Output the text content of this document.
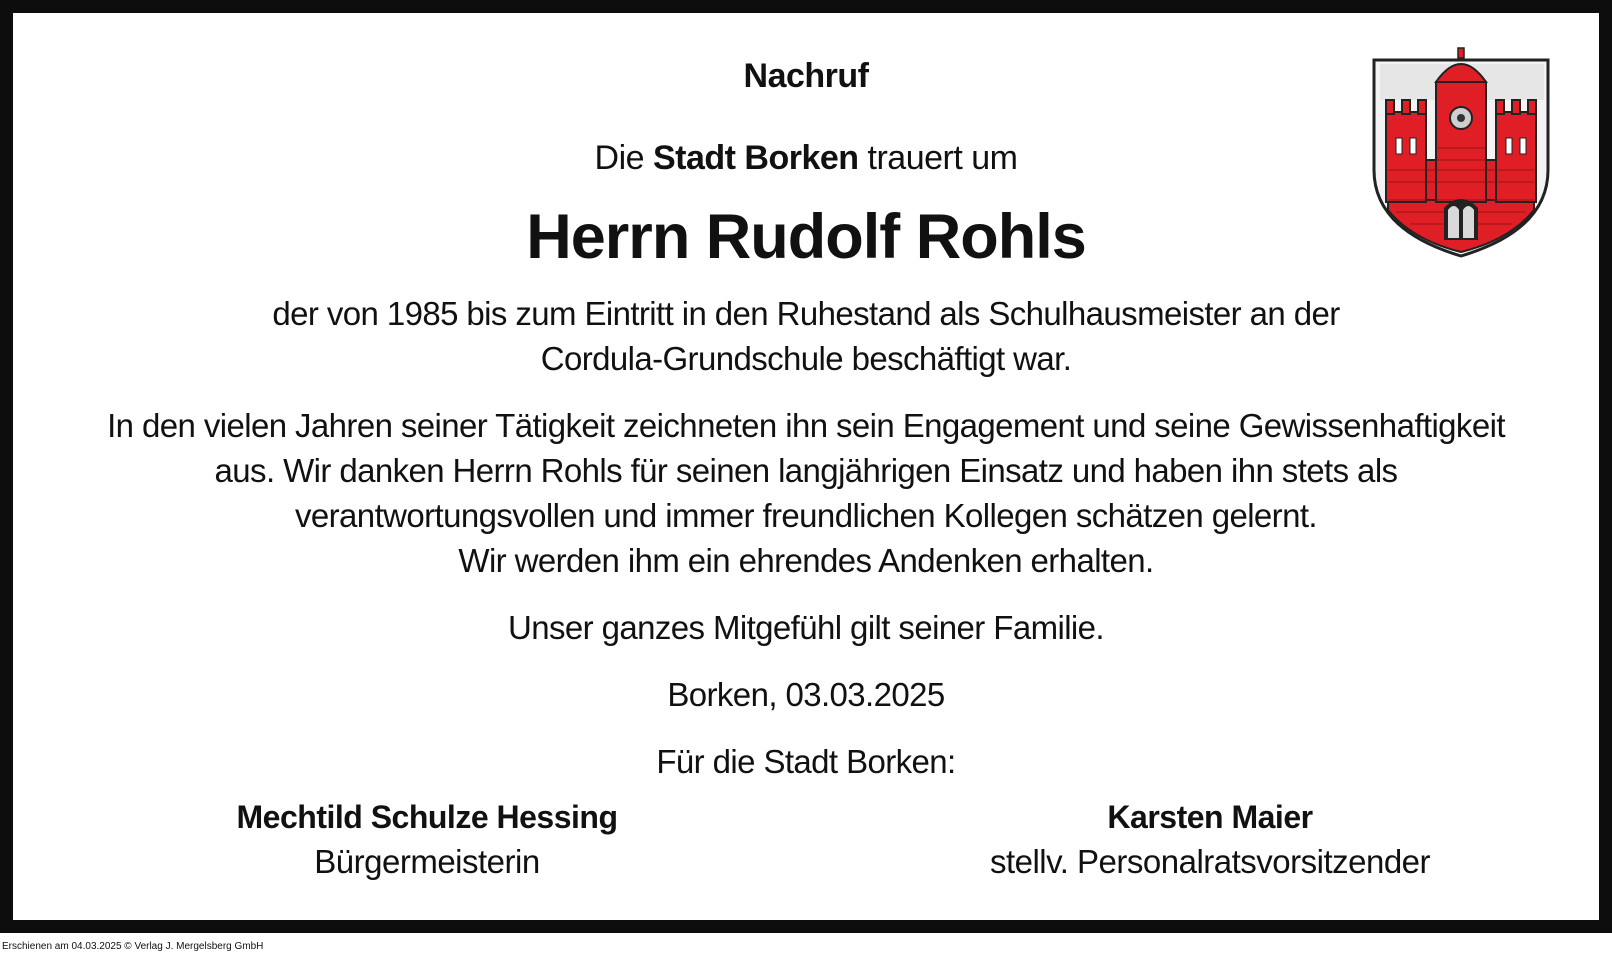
Nachruf
Die Stadt Borken trauert um
Herrn Rudolf Rohls
der von 1985 bis zum Eintritt in den Ruhestand als Schulhausmeister an der
Cordula-Grundschule beschäftigt war.
In den vielen Jahren seiner Tätigkeit zeichneten ihn sein Engagement und seine Gewissenhaftigkeit
aus. Wir danken Herrn Rohls für seinen langjährigen Einsatz und haben ihn stets als
verantwortungsvollen und immer freundlichen Kollegen schätzen gelernt.
Wir werden ihm ein ehrendes Andenken erhalten.
Unser ganzes Mitgefühl gilt seiner Familie.
Borken, 03.03.2025
Für die Stadt Borken:
Mechtild Schulze Hessing
Bürgermeisterin
Karsten Maier
stellv. Personalratsvorsitzender
Erschienen am 04.03.2025 © Verlag J. Mergelsberg GmbH
